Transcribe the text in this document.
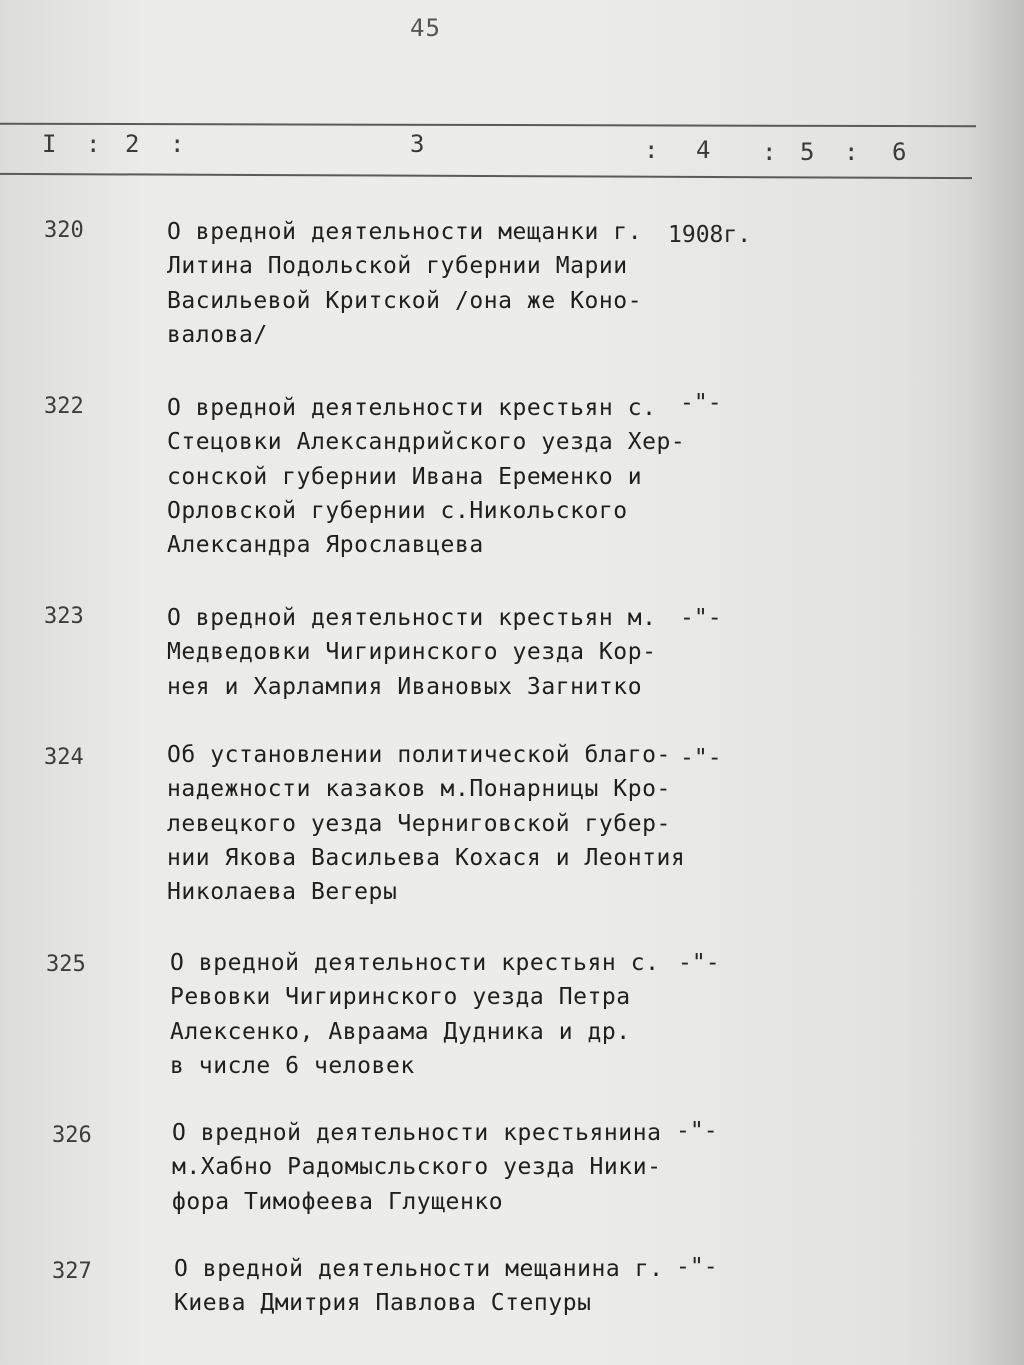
45
I : 2 :	3	: 4 : 5 : 6
320	О вредной деятельности мещанки г.
Литина Подольской губернии Марии
Васильевой Критской /она же Коно-
валова/
1908г.
322	О вредной деятельности крестьян с.
Стецовки Александрийского уезда Хер-
сонской губернии Ивана Еременко и
Орловской губернии с.Никольского
Александра Ярославцева
-"-
323	О вредной деятельности крестьян м.
Медведовки Чигиринского уезда Кор-
нея и Харлампия Ивановых Загнитко
-"-
324	Об установлении политической благо-
надежности казаков м.Понарницы Кро-
левецкого уезда Черниговской губер-
нии Якова Васильева Кохася и Леонтия
Николаева Вегеры
-"-
325	О вредной деятельности крестьян с.
Ревовки Чигиринского уезда Петра
Алексенко, Авраама Дудника и др.
в числе 6 человек
-"-
326	О вредной деятельности крестьянина
м.Хабно Радомысльского уезда Ники-
фора Тимофеева Глущенко
-"-
327	О вредной деятельности мещанина г.
Киева Дмитрия Павлова Степуры
-"-
